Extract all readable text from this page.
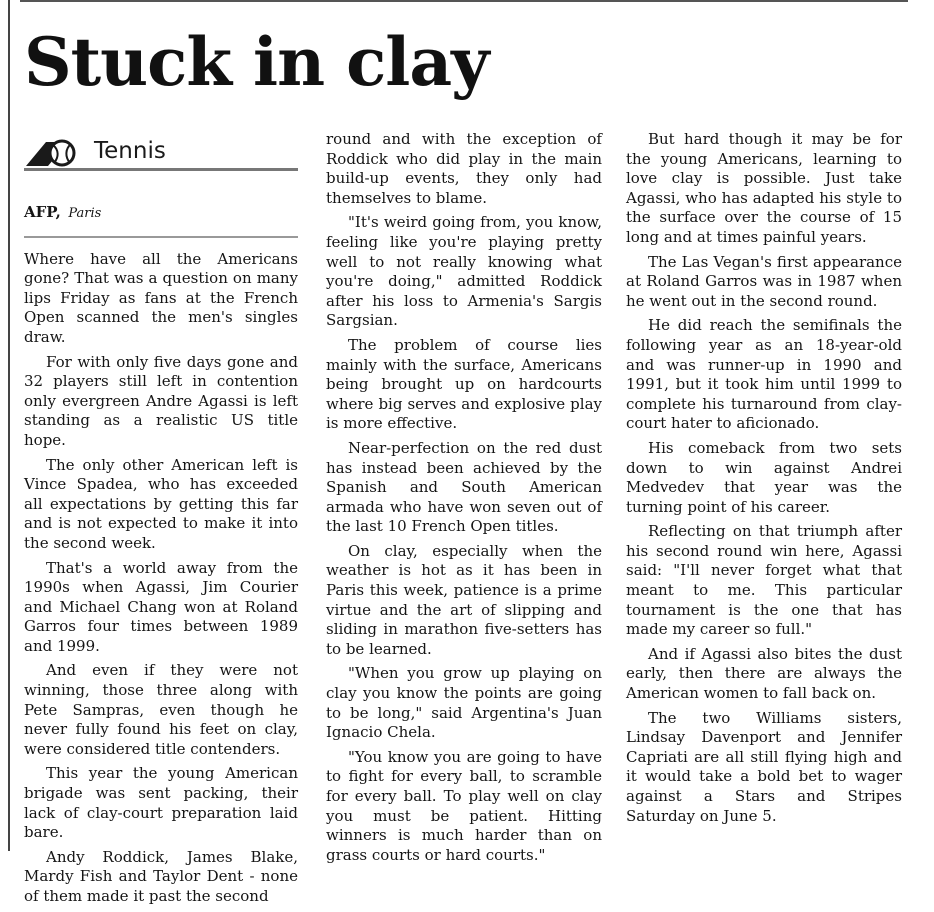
Stuck in clay
Tennis
AFP, Paris

Where have all the Americans gone? That was a question on many lips Friday as fans at the French Open scanned the men's singles draw.

For with only five days gone and 32 players still left in contention only evergreen Andre Agassi is left standing as a realistic US title hope.

The only other American left is Vince Spadea, who has exceeded all expectations by getting this far and is not expected to make it into the second week.

That's a world away from the 1990s when Agassi, Jim Courier and Michael Chang won at Roland Garros four times between 1989 and 1999.

And even if they were not winning, those three along with Pete Sampras, even though he never fully found his feet on clay, were considered title contenders.

This year the young American brigade was sent packing, their lack of clay-court preparation laid bare.

Andy Roddick, James Blake, Mardy Fish and Taylor Dent - none of them made it past the second

round and with the exception of Roddick who did play in the main build-up events, they only had themselves to blame.

"It's weird going from, you know, feeling like you're playing pretty well to not really knowing what you're doing," admitted Roddick after his loss to Armenia's Sargis Sargsian.

The problem of course lies mainly with the surface, Americans being brought up on hardcourts where big serves and explosive play is more effective.

Near-perfection on the red dust has instead been achieved by the Spanish and South American armada who have won seven out of the last 10 French Open titles.

On clay, especially when the weather is hot as it has been in Paris this week, patience is a prime virtue and the art of slipping and sliding in marathon five-setters has to be learned.

"When you grow up playing on clay you know the points are going to be long," said Argentina's Juan Ignacio Chela.

"You know you are going to have to fight for every ball, to scramble for every ball. To play well on clay you must be patient. Hitting winners is much harder than on grass courts or hard courts."

But hard though it may be for the young Americans, learning to love clay is possible. Just take Agassi, who has adapted his style to the surface over the course of 15 long and at times painful years.

The Las Vegan's first appearance at Roland Garros was in 1987 when he went out in the second round.

He did reach the semifinals the following year as an 18-year-old and was runner-up in 1990 and 1991, but it took him until 1999 to complete his turnaround from clay-court hater to aficionado.

His comeback from two sets down to win against Andrei Medvedev that year was the turning point of his career.

Reflecting on that triumph after his second round win here, Agassi said: "I'll never forget what that meant to me. This particular tournament is the one that has made my career so full."

And if Agassi also bites the dust early, then there are always the American women to fall back on.

The two Williams sisters, Lindsay Davenport and Jennifer Capriati are all still flying high and it would take a bold bet to wager against a Stars and Stripes Saturday on June 5.
